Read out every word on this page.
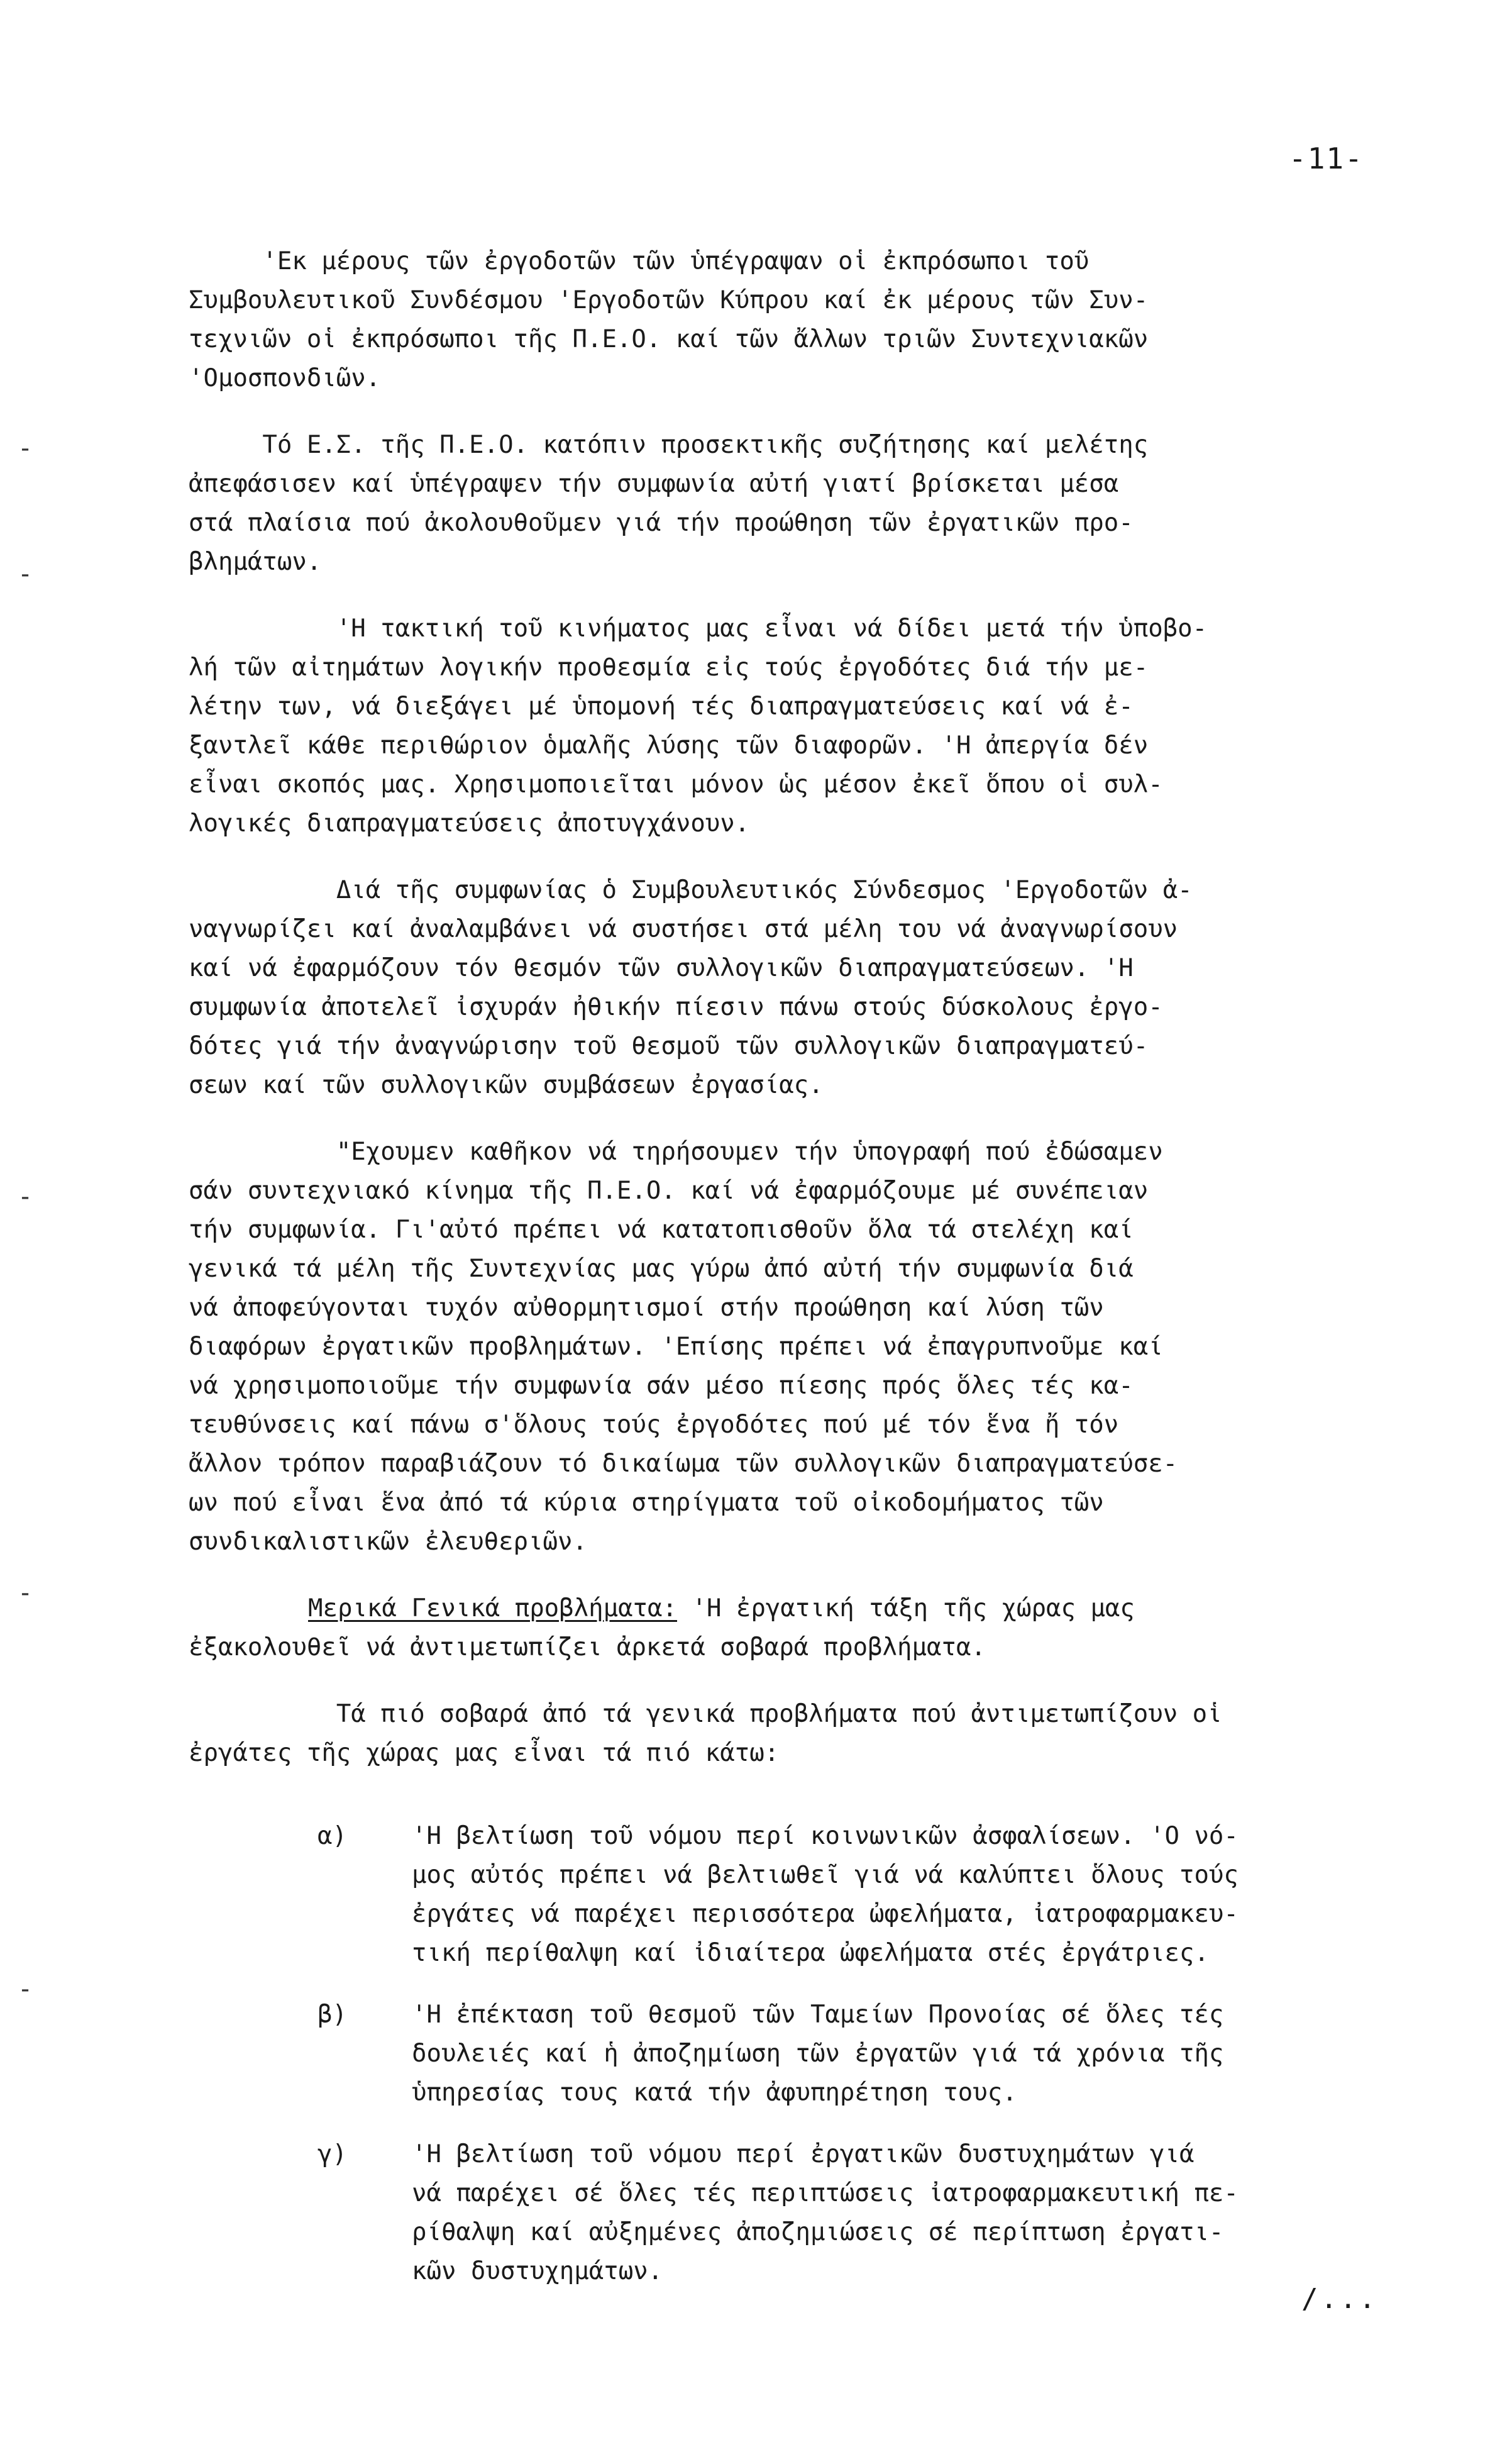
-11-
-
-
-
-
-

'Εκ μέρους τῶν ἐργοδοτῶν τῶν ὑπέγραψαν οἱ ἐκπρόσωποι τοῦ
Συμβουλευτικοῦ Συνδέσμου 'Εργοδοτῶν Κύπρου καί ἐκ μέρους τῶν Συν-
τεχνιῶν οἱ ἐκπρόσωποι τῆς Π.Ε.Ο. καί τῶν ἄλλων τριῶν Συντεχνιακῶν
'Ομοσπονδιῶν.

Τό Ε.Σ. τῆς Π.Ε.Ο. κατόπιν προσεκτικῆς συζήτησης καί μελέτης
ἀπεφάσισεν καί ὑπέγραψεν τήν συμφωνία αὐτή γιατί βρίσκεται μέσα
στά πλαίσια πού ἀκολουθοῦμεν γιά τήν προώθηση τῶν ἐργατικῶν προ-
βλημάτων.

'Η τακτική τοῦ κινήματος μας εἶναι νά δίδει μετά τήν ὑποβο-
λή τῶν αἰτημάτων λογικήν προθεσμία εἰς τούς ἐργοδότες διά τήν με-
λέτην των, νά διεξάγει μέ ὑπομονή τές διαπραγματεύσεις καί νά ἐ-
ξαντλεῖ κάθε περιθώριον ὁμαλῆς λύσης τῶν διαφορῶν. 'Η ἀπεργία δέν
εἶναι σκοπός μας. Χρησιμοποιεῖται μόνον ὡς μέσον ἐκεῖ ὅπου οἱ συλ-
λογικές διαπραγματεύσεις ἀποτυγχάνουν.

Διά τῆς συμφωνίας ὁ Συμβουλευτικός Σύνδεσμος 'Εργοδοτῶν ἀ-
ναγνωρίζει καί ἀναλαμβάνει νά συστήσει στά μέλη του νά ἀναγνωρίσουν
καί νά ἐφαρμόζουν τόν θεσμόν τῶν συλλογικῶν διαπραγματεύσεων. 'Η
συμφωνία ἀποτελεῖ ἰσχυράν ἠθικήν πίεσιν πάνω στούς δύσκολους ἐργο-
δότες γιά τήν ἀναγνώρισην τοῦ θεσμοῦ τῶν συλλογικῶν διαπραγματεύ-
σεων καί τῶν συλλογικῶν συμβάσεων ἐργασίας.

"Εχουμεν καθῆκον νά τηρήσουμεν τήν ὑπογραφή πού ἐδώσαμεν
σάν συντεχνιακό κίνημα τῆς Π.Ε.Ο. καί νά ἐφαρμόζουμε μέ συνέπειαν
τήν συμφωνία. Γι'αὐτό πρέπει νά κατατοπισθοῦν ὅλα τά στελέχη καί
γενικά τά μέλη τῆς Συντεχνίας μας γύρω ἀπό αὐτή τήν συμφωνία διά
νά ἀποφεύγονται τυχόν αὐθορμητισμοί στήν προώθηση καί λύση τῶν
διαφόρων ἐργατικῶν προβλημάτων. 'Επίσης πρέπει νά ἐπαγρυπνοῦμε καί
νά χρησιμοποιοῦμε τήν συμφωνία σάν μέσο πίεσης πρός ὅλες τές κα-
τευθύνσεις καί πάνω σ'ὅλους τούς ἐργοδότες πού μέ τόν ἕνα ἤ τόν
ἄλλον τρόπον παραβιάζουν τό δικαίωμα τῶν συλλογικῶν διαπραγματεύσε-
ων πού εἶναι ἕνα ἀπό τά κύρια στηρίγματα τοῦ οἰκοδομήματος τῶν
συνδικαλιστικῶν ἐλευθεριῶν.

Μερικά Γενικά προβλήματα: 'Η ἐργατική τάξη τῆς χώρας μας

ἐξακολουθεῖ νά ἀντιμετωπίζει ἀρκετά σοβαρά προβλήματα.

Τά πιό σοβαρά ἀπό τά γενικά προβλήματα πού ἀντιμετωπίζουν οἱ
ἐργάτες τῆς χώρας μας εἶναι τά πιό κάτω:

α)	'Η βελτίωση τοῦ νόμου περί κοινωνικῶν ἀσφαλίσεων. 'Ο νό-
μος αὐτός πρέπει νά βελτιωθεῖ γιά νά καλύπτει ὅλους τούς
ἐργάτες νά παρέχει περισσότερα ὠφελήματα, ἰατροφαρμακευ-
τική περίθαλψη καί ἰδιαίτερα ὠφελήματα στές ἐργάτριες.
β)	'Η ἐπέκταση τοῦ θεσμοῦ τῶν Ταμείων Προνοίας σέ ὅλες τές
δουλειές καί ἡ ἀποζημίωση τῶν ἐργατῶν γιά τά χρόνια τῆς
ὑπηρεσίας τους κατά τήν ἀφυπηρέτηση τους.
γ)	'Η βελτίωση τοῦ νόμου περί ἐργατικῶν δυστυχημάτων γιά
νά παρέχει σέ ὅλες τές περιπτώσεις ἰατροφαρμακευτική πε-
ρίθαλψη καί αὐξημένες ἀποζημιώσεις σέ περίπτωση ἐργατι-
κῶν δυστυχημάτων.
/...
